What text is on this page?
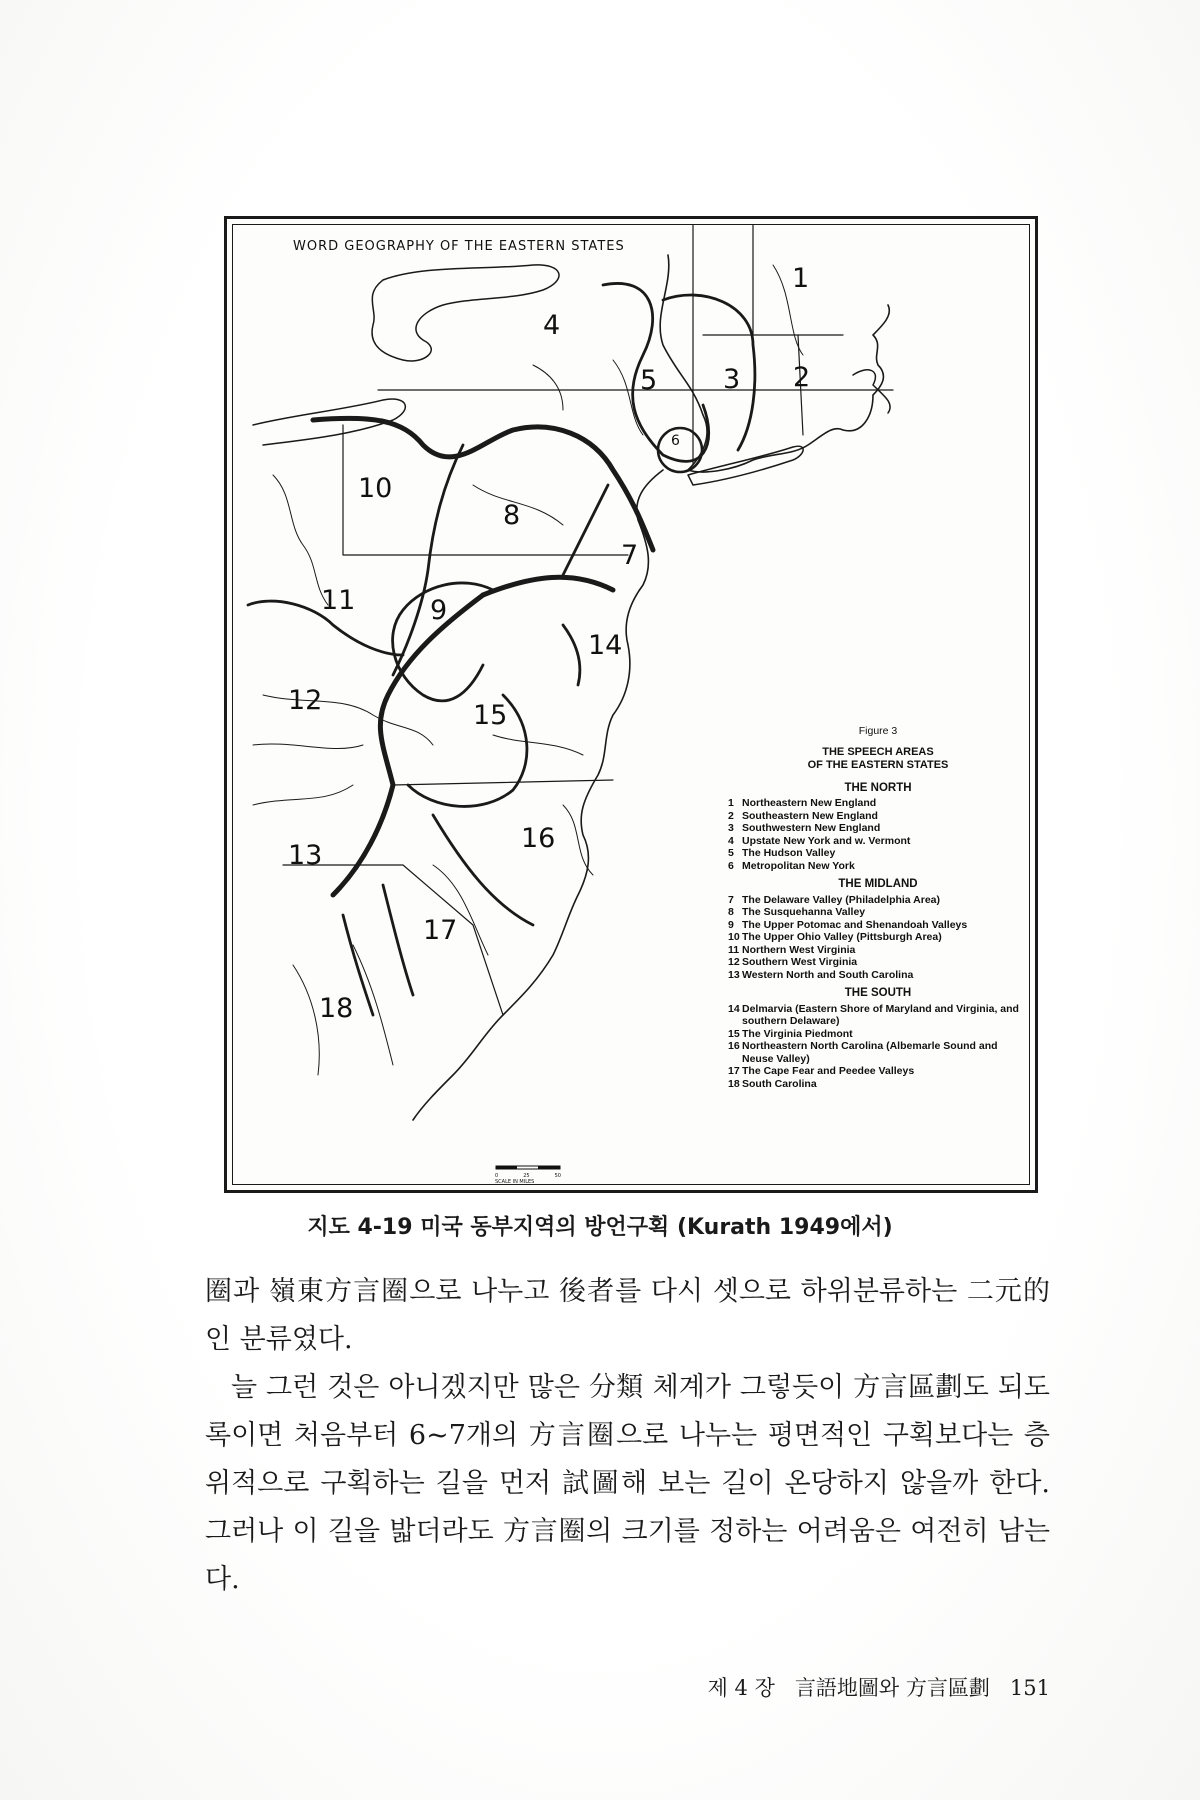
WORD GEOGRAPHY OF THE EASTERN STATES
1
2
3
4
5
6
7
8
9
10
11
12
13
14
15
16
17
18
Figure 3
THE SPEECH AREAS
OF THE EASTERN STATES
THE NORTH
1 Northeastern New England
2 Southeastern New England
3 Southwestern New England
4 Upstate New York and w. Vermont
5 The Hudson Valley
6 Metropolitan New York
THE MIDLAND
7 The Delaware Valley (Philadelphia Area)
8 The Susquehanna Valley
9 The Upper Potomac and Shenandoah Valleys
10 The Upper Ohio Valley (Pittsburgh Area)
11 Northern West Virginia
12 Southern West Virginia
13 Western North and South Carolina
THE SOUTH
14 Delmarvia (Eastern Shore of Maryland and Virginia, and southern Delaware)
15 The Virginia Piedmont
16 Northeastern North Carolina (Albemarle Sound and Neuse Valley)
17 The Cape Fear and Peedee Valleys
18 South Carolina
0	25	50
SCALE IN MILES
지도 4-19 미국 동부지역의 방언구획 (Kurath 1949에서)

圈과 嶺東方言圈으로 나누고 後者를 다시 셋으로 하위분류하는 二元的인 분류였다.

늘 그런 것은 아니겠지만 많은 分類 체계가 그렇듯이 方言區劃도 되도록이면 처음부터 6~7개의 方言圈으로 나누는 평면적인 구획보다는 층위적으로 구획하는 길을 먼저 試圖해 보는 길이 온당하지 않을까 한다. 그러나 이 길을 밟더라도 方言圈의 크기를 정하는 어려움은 여전히 남는다.

제 4 장 言語地圖와 方言區劃 151
